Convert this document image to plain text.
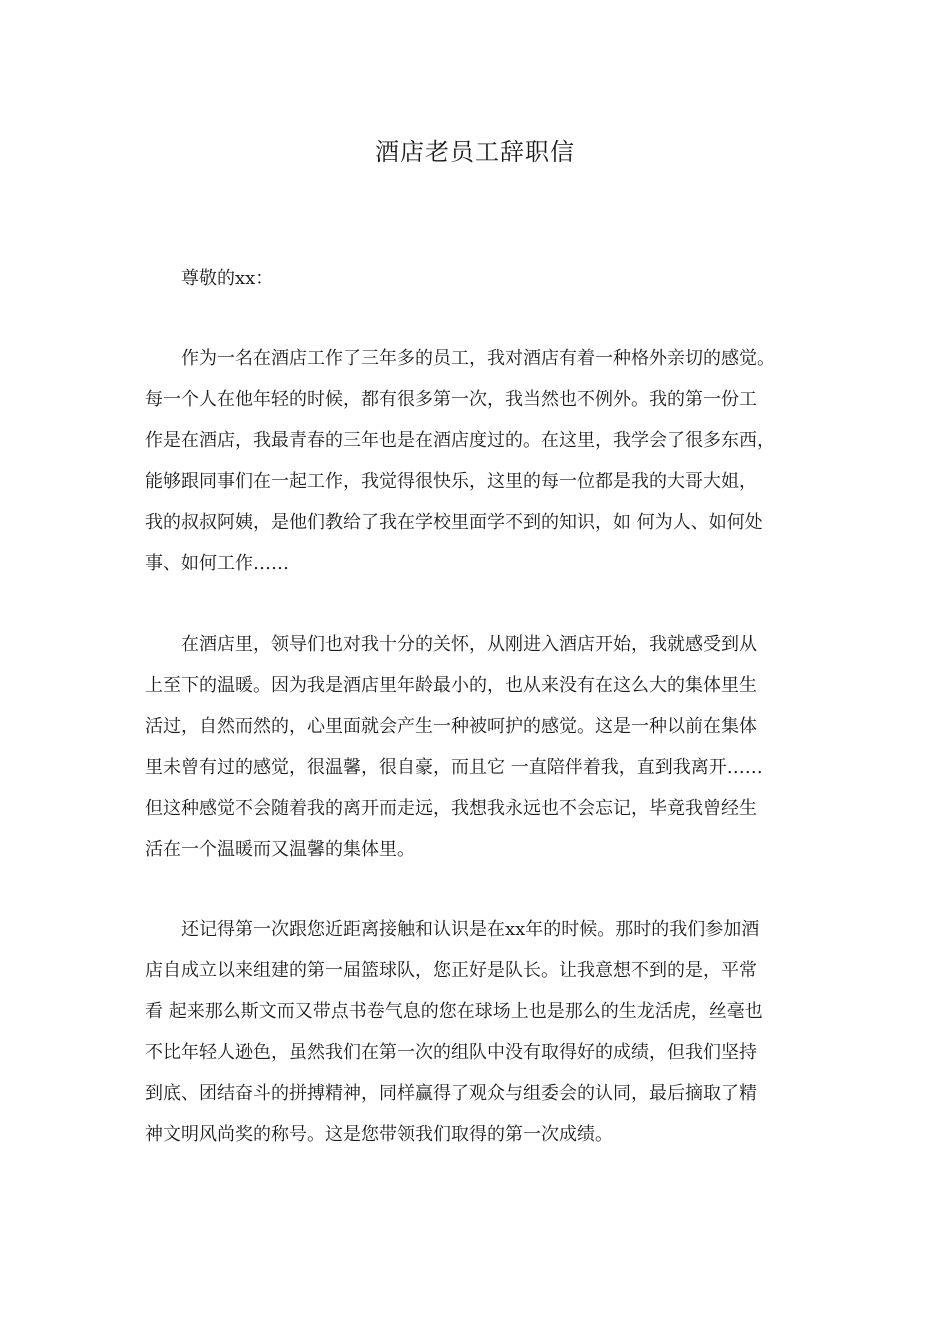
酒店老员工辞职信
尊敬的xx：
作为一名在酒店工作了三年多的员工，我对酒店有着一种格外亲切的感觉。
每一个人在他年轻的时候，都有很多第一次，我当然也不例外。我的第一份工
作是在酒店，我最青春的三年也是在酒店度过的。在这里，我学会了很多东西，
能够跟同事们在一起工作，我觉得很快乐，这里的每一位都是我的大哥大姐，
我的叔叔阿姨，是他们教给了我在学校里面学不到的知识，如 何为人、如何处
事、如何工作……
在酒店里，领导们也对我十分的关怀，从刚进入酒店开始，我就感受到从
上至下的温暖。因为我是酒店里年龄最小的，也从来没有在这么大的集体里生
活过，自然而然的，心里面就会产生一种被呵护的感觉。这是一种以前在集体
里未曾有过的感觉，很温馨，很自豪，而且它 一直陪伴着我，直到我离开……
但这种感觉不会随着我的离开而走远，我想我永远也不会忘记，毕竟我曾经生
活在一个温暖而又温馨的集体里。
还记得第一次跟您近距离接触和认识是在xx年的时候。那时的我们参加酒
店自成立以来组建的第一届篮球队，您正好是队长。让我意想不到的是，平常
看 起来那么斯文而又带点书卷气息的您在球场上也是那么的生龙活虎，丝毫也
不比年轻人逊色，虽然我们在第一次的组队中没有取得好的成绩，但我们坚持
到底、团结奋斗的拼搏精神，同样赢得了观众与组委会的认同，最后摘取了精
神文明风尚奖的称号。这是您带领我们取得的第一次成绩。
